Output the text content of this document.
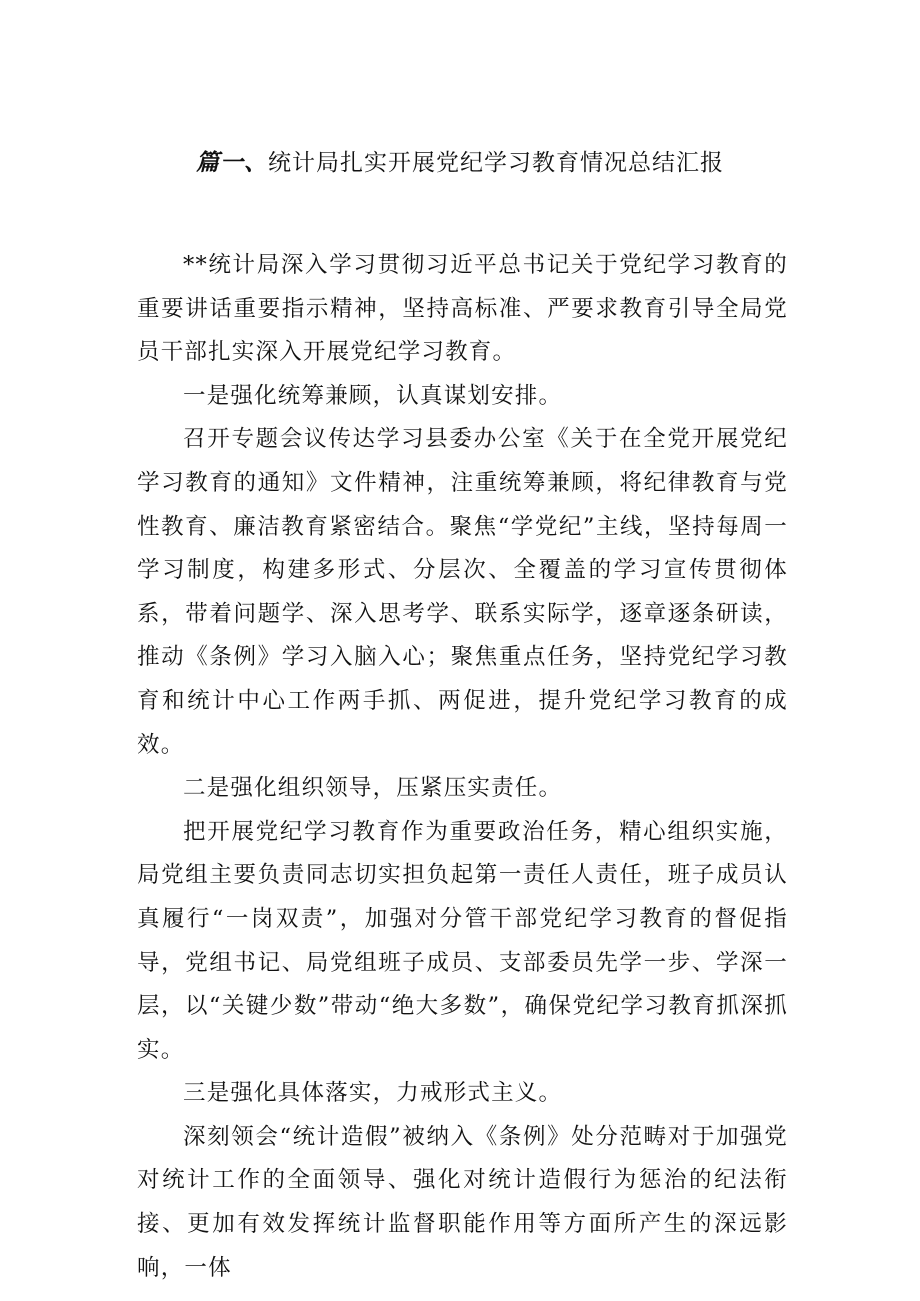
篇一、统计局扎实开展党纪学习教育情况总结汇报

**统计局深入学习贯彻习近平总书记关于党纪学习教育的重要讲话重要指示精神，坚持高标准、严要求教育引导全局党员干部扎实深入开展党纪学习教育。

一是强化统筹兼顾，认真谋划安排。

召开专题会议传达学习县委办公室《关于在全党开展党纪学习教育的通知》文件精神，注重统筹兼顾，将纪律教育与党性教育、廉洁教育紧密结合。聚焦“学党纪”主线，坚持每周一学习制度，构建多形式、分层次、全覆盖的学习宣传贯彻体系，带着问题学、深入思考学、联系实际学，逐章逐条研读，推动《条例》学习入脑入心；聚焦重点任务，坚持党纪学习教育和统计中心工作两手抓、两促进，提升党纪学习教育的成效。

二是强化组织领导，压紧压实责任。

把开展党纪学习教育作为重要政治任务，精心组织实施，局党组主要负责同志切实担负起第一责任人责任，班子成员认真履行“一岗双责”，加强对分管干部党纪学习教育的督促指导，党组书记、局党组班子成员、支部委员先学一步、学深一层，以“关键少数”带动“绝大多数”，确保党纪学习教育抓深抓实。

三是强化具体落实，力戒形式主义。

深刻领会“统计造假”被纳入《条例》处分范畴对于加强党对统计工作的全面领导、强化对统计造假行为惩治的纪法衔接、更加有效发挥统计监督职能作用等方面所产生的深远影响，一体
